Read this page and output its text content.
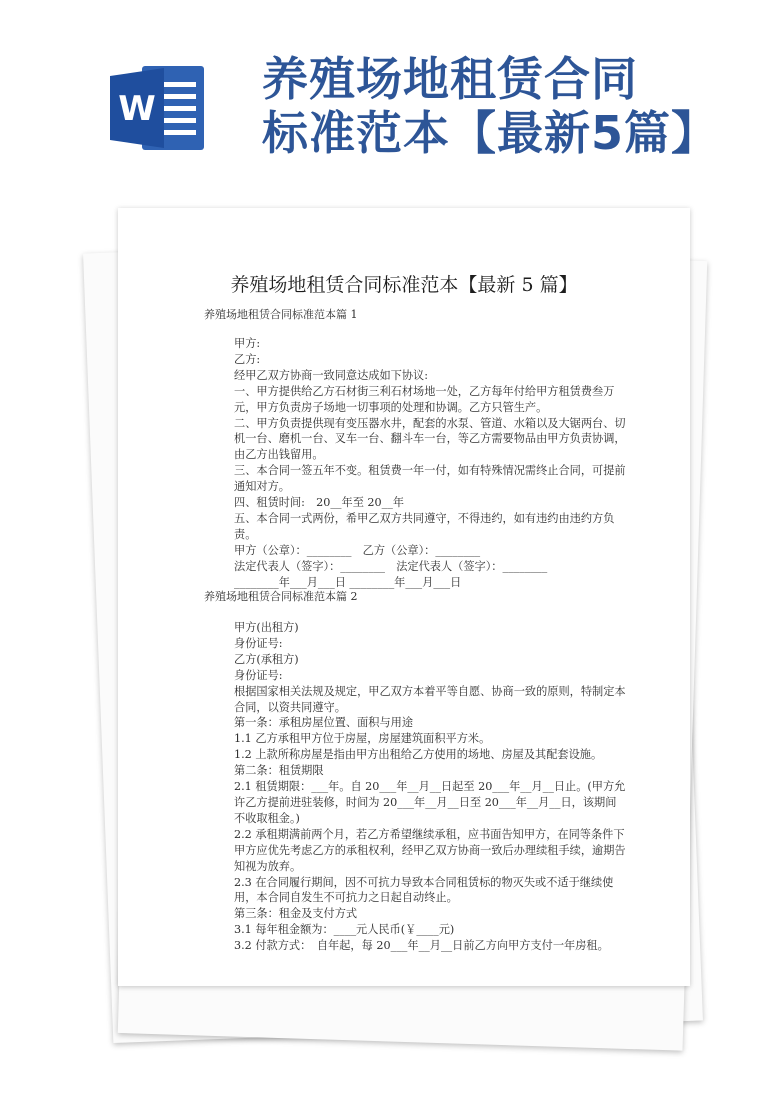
W
养殖场地租赁合同
标准范本【最新5篇】
养殖场地租赁合同标准范本【最新 5 篇】
养殖场地租赁合同标准范本篇 1

甲方:

乙方:

经甲乙双方协商一致同意达成如下协议:

一、甲方提供给乙方石材街三利石材场地一处，乙方每年付给甲方租赁费叁万元，甲方负责房子场地一切事项的处理和协调。乙方只管生产。

二、甲方负责提供现有变压器水井，配套的水泵、管道、水箱以及大锯两台、切机一台、磨机一台、叉车一台、翻斗车一台，等乙方需要物品由甲方负责协调，由乙方出钱留用。

三、本合同一签五年不变。租赁费一年一付，如有特殊情况需终止合同，可提前通知对方。

四、租赁时间:　20__年至 20__年

五、本合同一式两份，希甲乙双方共同遵守，不得违约，如有违约由违约方负责。

甲方（公章）：________　乙方（公章）：________

法定代表人（签字）：________　法定代表人（签字）：________

________年___月___日 ________年___月___日

养殖场地租赁合同标准范本篇 2

甲方(出租方)

身份证号:

乙方(承租方)

身份证号:

根据国家相关法规及规定，甲乙双方本着平等自愿、协商一致的原则，特制定本合同，以资共同遵守。

第一条：承租房屋位置、面积与用途

1.1 乙方承租甲方位于房屋，房屋建筑面积平方米。

1.2 上款所称房屋是指由甲方出租给乙方使用的场地、房屋及其配套设施。

第二条：租赁期限

2.1 租赁期限：___年。自 20___年__月__日起至 20___年__月__日止。(甲方允许乙方提前进驻装修，时间为 20___年__月__日至 20___年__月__日，该期间不收取租金。)

2.2 承租期满前两个月，若乙方希望继续承租，应书面告知甲方，在同等条件下甲方应优先考虑乙方的承租权利，经甲乙双方协商一致后办理续租手续，逾期告知视为放弃。

2.3 在合同履行期间，因不可抗力导致本合同租赁标的物灭失或不适于继续使用，本合同自发生不可抗力之日起自动终止。

第三条：租金及支付方式

3.1 每年租金额为：____元人民币(￥____元)

3.2 付款方式：　自年起，每 20___年__月__日前乙方向甲方支付一年房租。
